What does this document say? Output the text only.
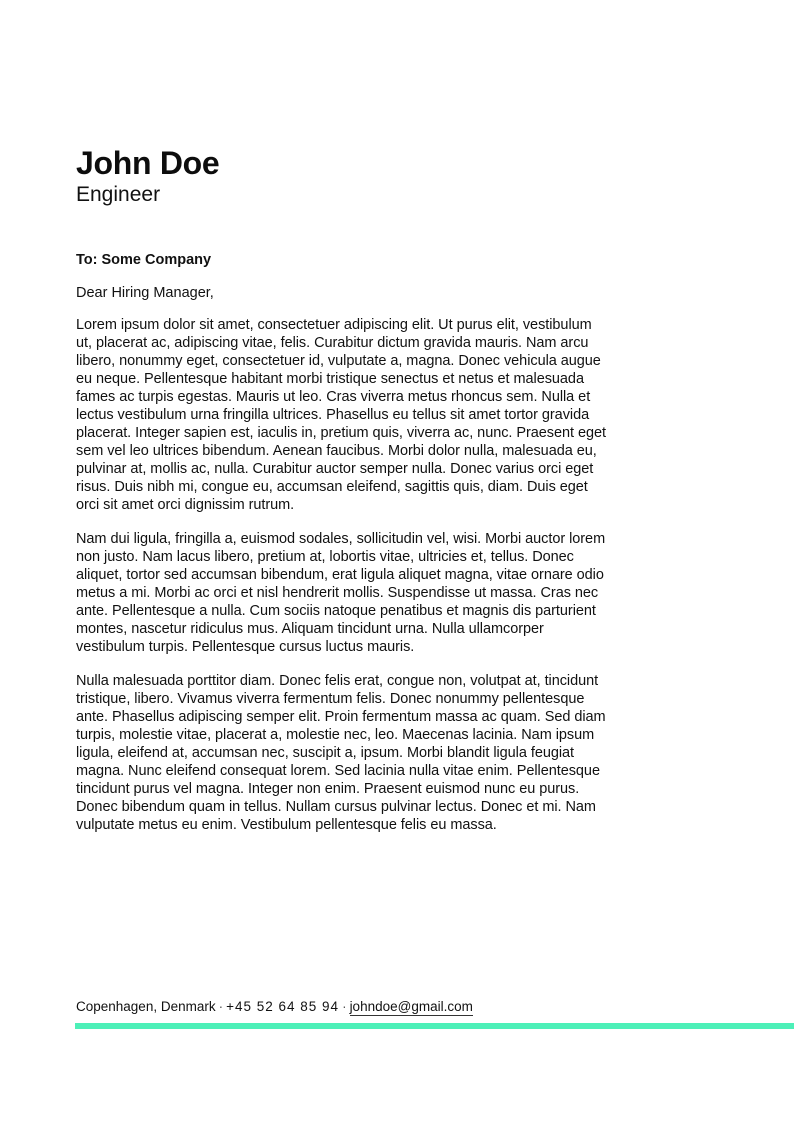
John Doe

Engineer

To: Some Company

Dear Hiring Manager,

Lorem ipsum dolor sit amet, consectetuer adipiscing elit. Ut purus elit, vestibulum ut, placerat ac, adipiscing vitae, felis. Curabitur dictum gravida mauris. Nam arcu libero, nonummy eget, consectetuer id, vulputate a, magna. Donec vehicula augue eu neque. Pellentesque habitant morbi tristique senectus et netus et malesuada fames ac turpis egestas. Mauris ut leo. Cras viverra metus rhoncus sem. Nulla et lectus vestibulum urna fringilla ultrices. Phasellus eu tellus sit amet tortor gravida placerat. Integer sapien est, iaculis in, pretium quis, viverra ac, nunc. Praesent eget sem vel leo ultrices bibendum. Aenean faucibus. Morbi dolor nulla, malesuada eu, pulvinar at, mollis ac, nulla. Curabitur auctor semper nulla. Donec varius orci eget risus. Duis nibh mi, congue eu, accumsan eleifend, sagittis quis, diam. Duis eget orci sit amet orci dignissim rutrum.

Nam dui ligula, fringilla a, euismod sodales, sollicitudin vel, wisi. Morbi auctor lorem non justo. Nam lacus libero, pretium at, lobortis vitae, ultricies et, tellus. Donec aliquet, tortor sed accumsan bibendum, erat ligula aliquet magna, vitae ornare odio metus a mi. Morbi ac orci et nisl hendrerit mollis. Suspendisse ut massa. Cras nec ante. Pellentesque a nulla. Cum sociis natoque penatibus et magnis dis parturient montes, nascetur ridiculus mus. Aliquam tincidunt urna. Nulla ullamcorper vestibulum turpis. Pellentesque cursus luctus mauris.

Nulla malesuada porttitor diam. Donec felis erat, congue non, volutpat at, tincidunt tristique, libero. Vivamus viverra fermentum felis. Donec nonummy pellentesque ante. Phasellus adipiscing semper elit. Proin fermentum massa ac quam. Sed diam turpis, molestie vitae, placerat a, molestie nec, leo. Maecenas lacinia. Nam ipsum ligula, eleifend at, accumsan nec, suscipit a, ipsum. Morbi blandit ligula feugiat magna. Nunc eleifend consequat lorem. Sed lacinia nulla vitae enim. Pellentesque tincidunt purus vel magna. Integer non enim. Praesent euismod nunc eu purus. Donec bibendum quam in tellus. Nullam cursus pulvinar lectus. Donec et mi. Nam vulputate metus eu enim. Vestibulum pellentesque felis eu massa.

Copenhagen, Denmark · +45 52 64 85 94 · johndoe@gmail.com
